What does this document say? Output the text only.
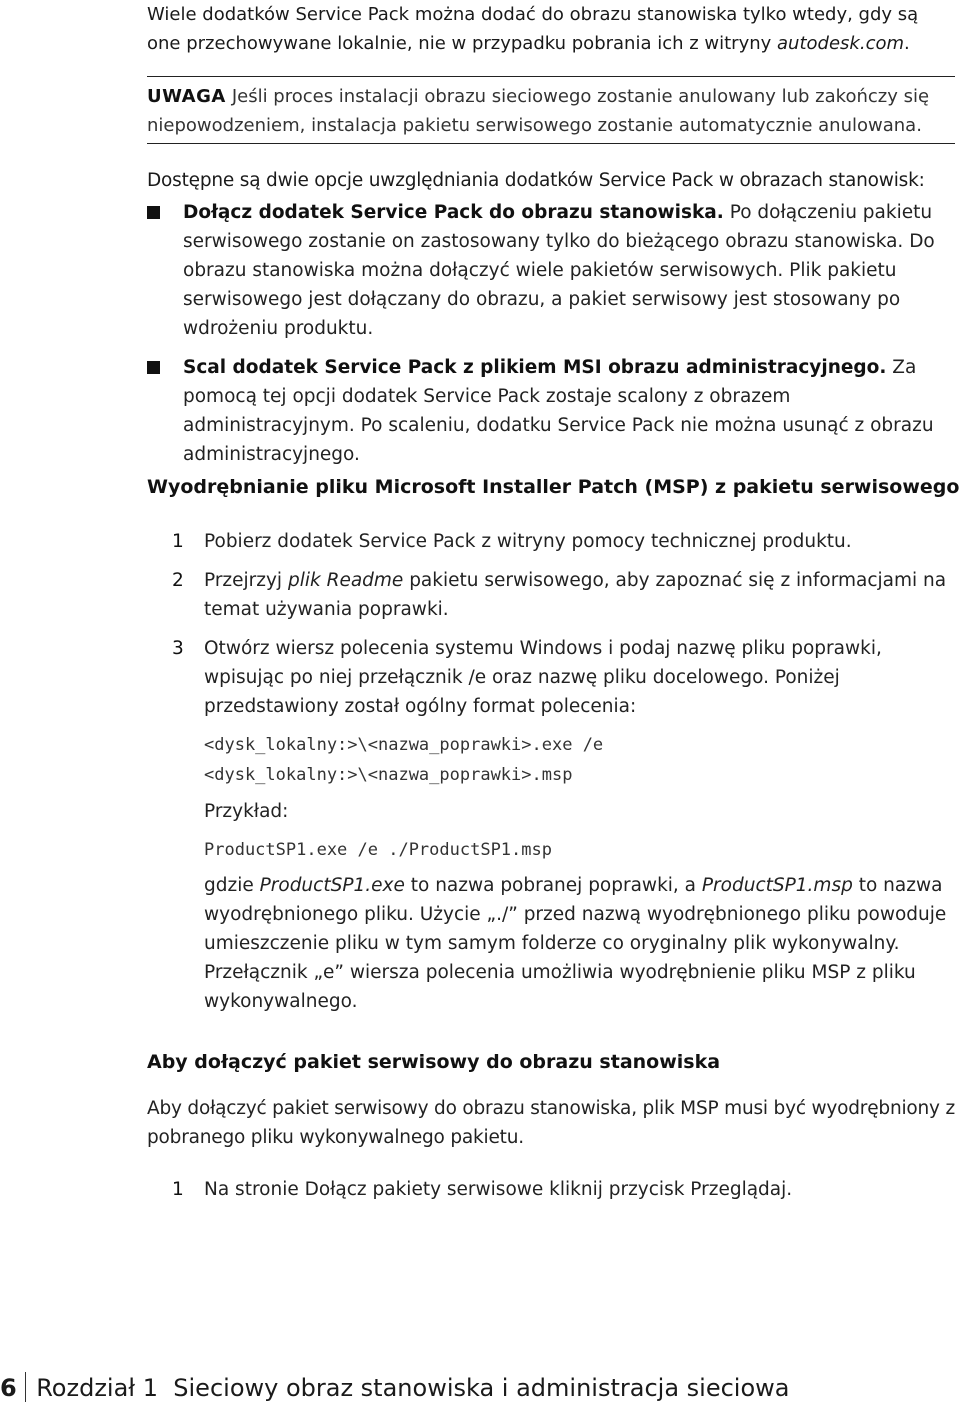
Wiele dodatków Service Pack można dodać do obrazu stanowiska tylko wtedy, gdy są one przechowywane lokalnie, nie w przypadku pobrania ich z witryny autodesk.com.

UWAGA Jeśli proces instalacji obrazu sieciowego zostanie anulowany lub zakończy się niepowodzeniem, instalacja pakietu serwisowego zostanie automatycznie anulowana.

Dostępne są dwie opcje uwzględniania dodatków Service Pack w obrazach stanowisk:

Dołącz dodatek Service Pack do obrazu stanowiska. Po dołączeniu pakietu serwisowego zostanie on zastosowany tylko do bieżącego obrazu stanowiska. Do obrazu stanowiska można dołączyć wiele pakietów serwisowych. Plik pakietu serwisowego jest dołączany do obrazu, a pakiet serwisowy jest stosowany po wdrożeniu produktu.

Scal dodatek Service Pack z plikiem MSI obrazu administracyjnego. Za pomocą tej opcji dodatek Service Pack zostaje scalony z obrazem administracyjnym. Po scaleniu, dodatku Service Pack nie można usunąć z obrazu administracyjnego.

Wyodrębnianie pliku Microsoft Installer Patch (MSP) z pakietu serwisowego
1 Pobierz dodatek Service Pack z witryny pomocy technicznej produktu.

2 Przejrzyj plik Readme pakietu serwisowego, aby zapoznać się z informacjami na temat używania poprawki.

3 Otwórz wiersz polecenia systemu Windows i podaj nazwę pliku poprawki, wpisując po niej przełącznik /e oraz nazwę pliku docelowego. Poniżej przedstawiony został ogólny format polecenia:

<dysk_lokalny:>\<nazwa_poprawki>.exe /e
<dysk_lokalny:>\<nazwa_poprawki>.msp

Przykład:

ProductSP1.exe /e ./ProductSP1.msp

gdzie ProductSP1.exe to nazwa pobranej poprawki, a ProductSP1.msp to nazwa wyodrębnionego pliku. Użycie „./” przed nazwą wyodrębnionego pliku powoduje umieszczenie pliku w tym samym folderze co oryginalny plik wykonywalny. Przełącznik „e” wiersza polecenia umożliwia wyodrębnienie pliku MSP z pliku wykonywalnego.

Aby dołączyć pakiet serwisowy do obrazu stanowiska

Aby dołączyć pakiet serwisowy do obrazu stanowiska, plik MSP musi być wyodrębniony z pobranego pliku wykonywalnego pakietu.

1 Na stronie Dołącz pakiety serwisowe kliknij przycisk Przeglądaj.

6 Rozdział 1 Sieciowy obraz stanowiska i administracja sieciowa
